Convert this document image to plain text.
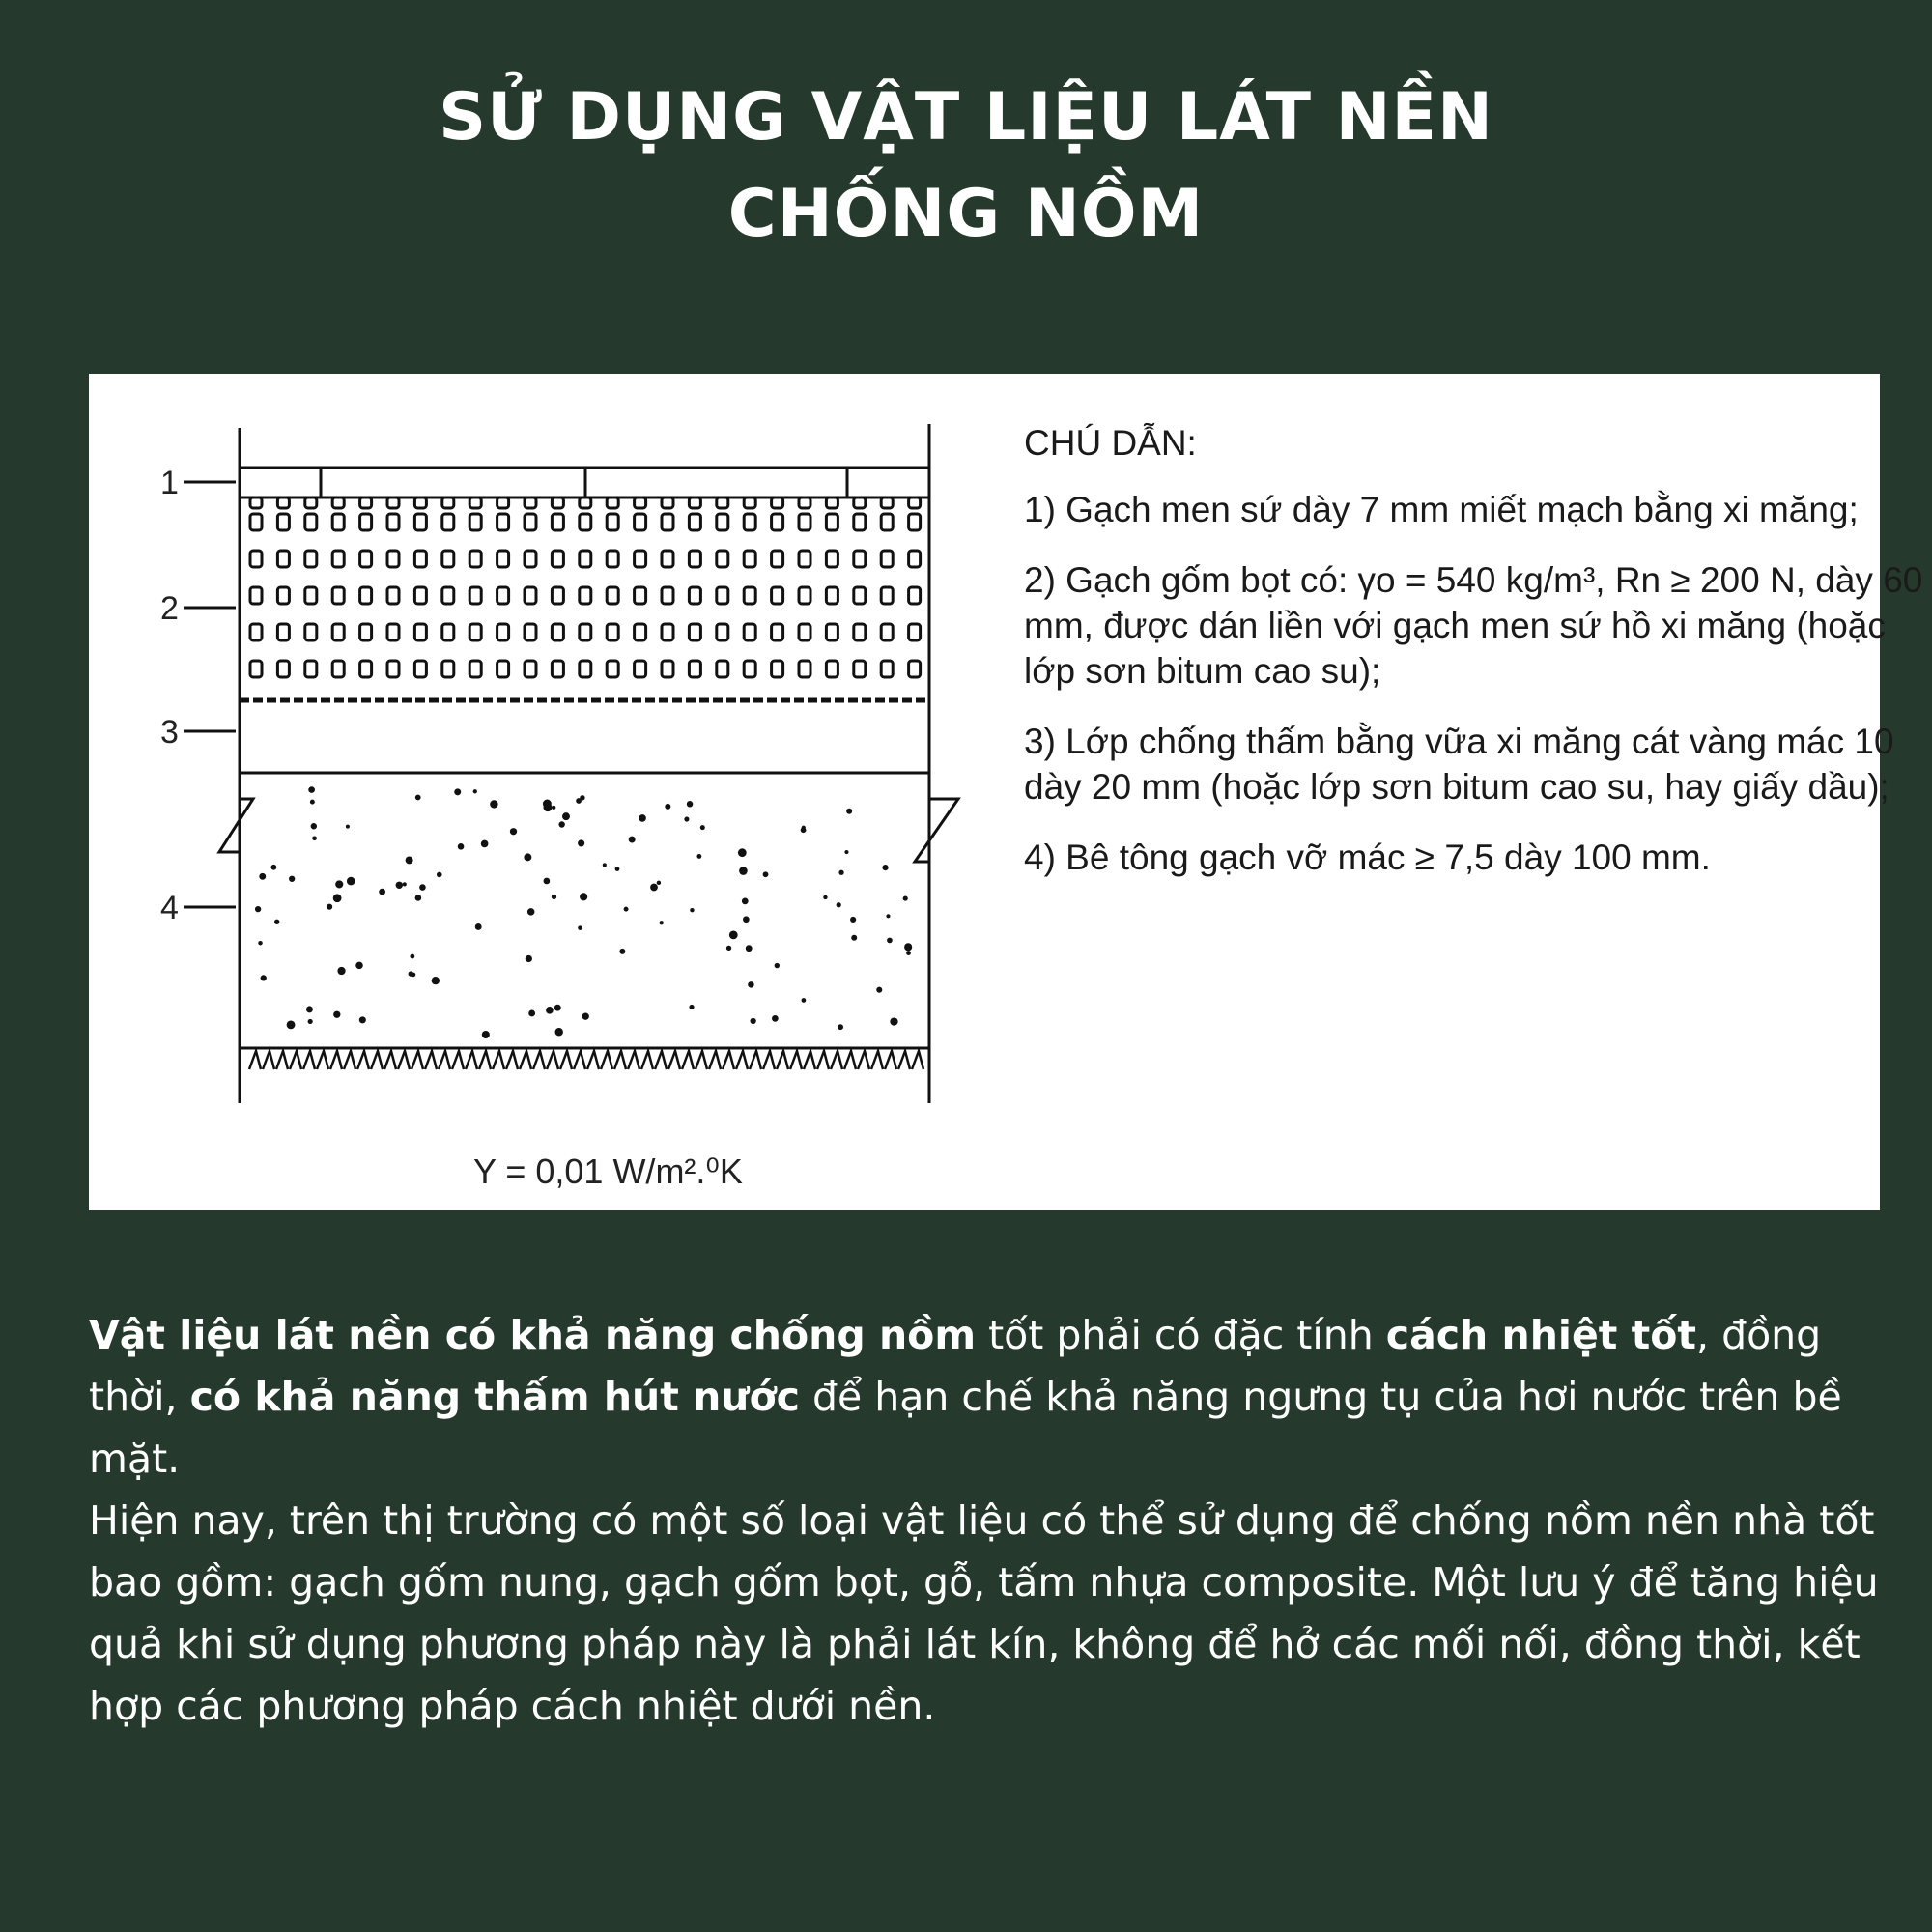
SỬ DỤNG VẬT LIỆU LÁT NỀN
CHỐNG NỒM
1
2
3
4
Y = 0,01 W/m².⁰K
CHÚ DẪN:
1) Gạch men sứ dày 7 mm miết mạch bằng xi măng;
2) Gạch gốm bọt có: γo = 540 kg/m³, Rn ≥ 200 N, dày 60 mm, được dán liền với gạch men sứ hồ xi măng (hoặc lớp sơn bitum cao su);
3) Lớp chống thấm bằng vữa xi măng cát vàng mác 10 dày 20 mm (hoặc lớp sơn bitum cao su, hay giấy dầu);
4) Bê tông gạch vỡ mác ≥ 7,5 dày 100 mm.
Vật liệu lát nền có khả năng chống nồm tốt phải có đặc tính cách nhiệt tốt, đồng thời, có khả năng thấm hút nước để hạn chế khả năng ngưng tụ của hơi nước trên bề mặt.
Hiện nay, trên thị trường có một số loại vật liệu có thể sử dụng để chống nồm nền nhà tốt bao gồm: gạch gốm nung, gạch gốm bọt, gỗ, tấm nhựa composite. Một lưu ý để tăng hiệu quả khi sử dụng phương pháp này là phải lát kín, không để hở các mối nối, đồng thời, kết hợp các phương pháp cách nhiệt dưới nền.
